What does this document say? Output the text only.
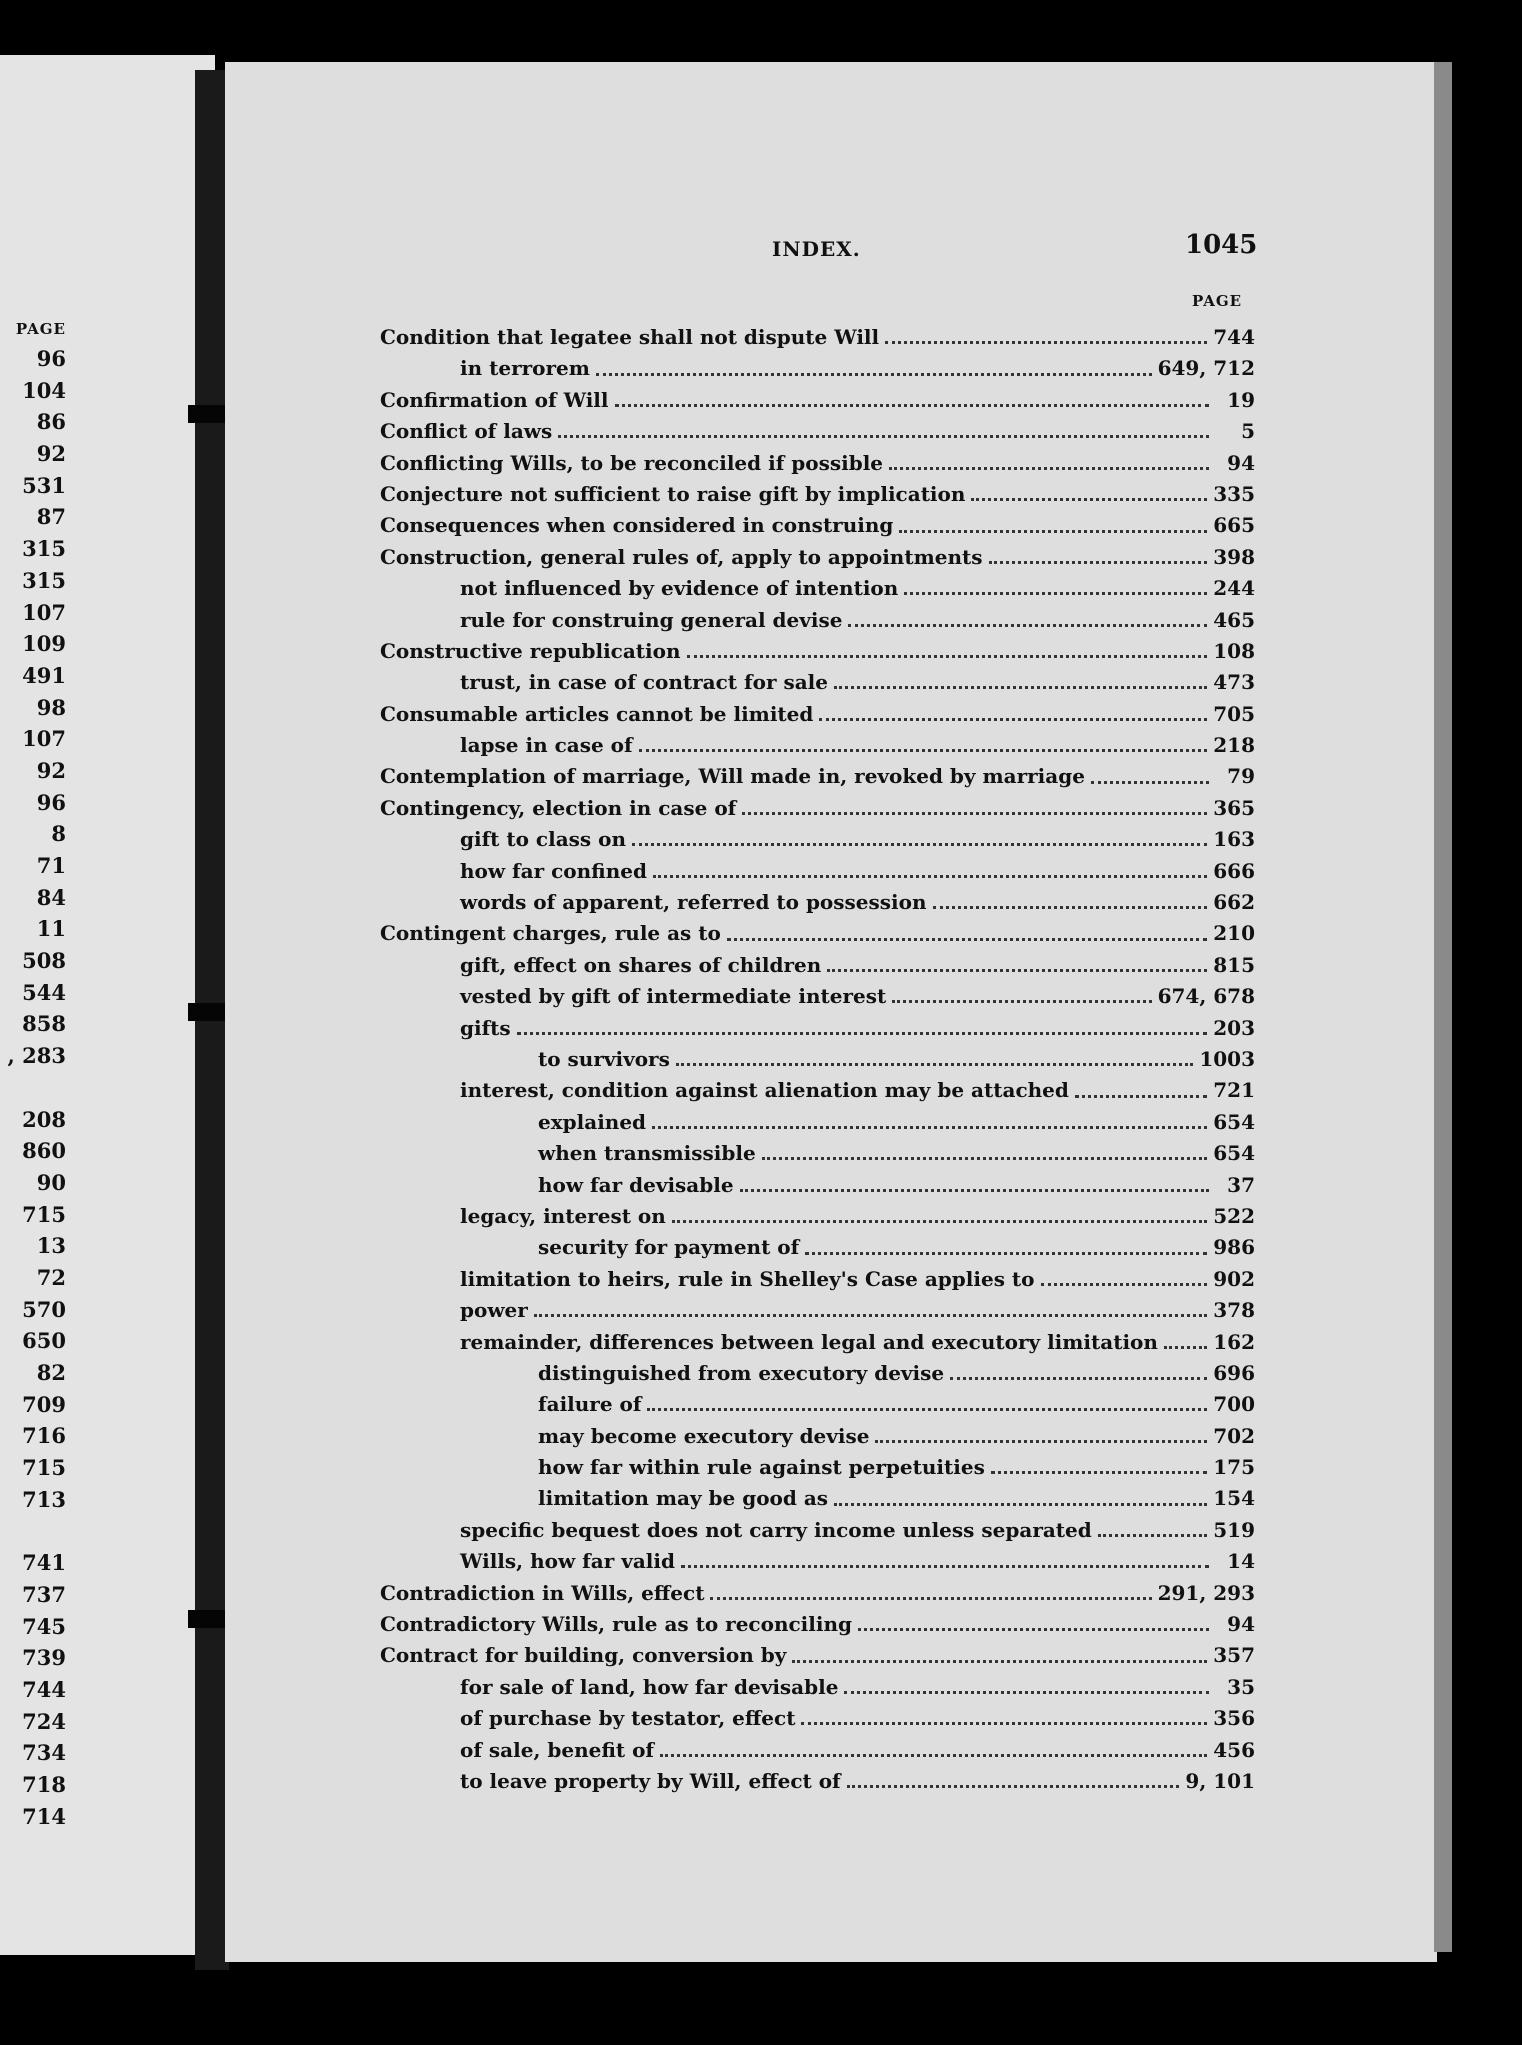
PAGE
96
104
86
92
531
87
315
315
107
109
491
98
107
92
96
8
71
84
11
508
544
858
, 283
208
860
90
715
13
72
570
650
82
709
716
715
713
741
737
745
739
744
724
734
718
714
INDEX.	1045
PAGE
Condition that legatee shall not dispute Will	744
in terrorem	649, 712
Confirmation of Will	19
Conflict of laws	5
Conflicting Wills, to be reconciled if possible	94
Conjecture not sufficient to raise gift by implication	335
Consequences when considered in construing	665
Construction, general rules of, apply to appointments	398
not influenced by evidence of intention	244
rule for construing general devise	465
Constructive republication	108
trust, in case of contract for sale	473
Consumable articles cannot be limited	705
lapse in case of	218
Contemplation of marriage, Will made in, revoked by marriage	79
Contingency, election in case of	365
gift to class on	163
how far confined	666
words of apparent, referred to possession	662
Contingent charges, rule as to	210
gift, effect on shares of children	815
vested by gift of intermediate interest	674, 678
gifts	203
to survivors	1003
interest, condition against alienation may be attached	721
explained	654
when transmissible	654
how far devisable	37
legacy, interest on	522
security for payment of	986
limitation to heirs, rule in Shelley's Case applies to	902
power	378
remainder, differences between legal and executory limitation	162
distinguished from executory devise	696
failure of	700
may become executory devise	702
how far within rule against perpetuities	175
limitation may be good as	154
specific bequest does not carry income unless separated	519
Wills, how far valid	14
Contradiction in Wills, effect	291, 293
Contradictory Wills, rule as to reconciling	94
Contract for building, conversion by	357
for sale of land, how far devisable	35
of purchase by testator, effect	356
of sale, benefit of	456
to leave property by Will, effect of	9, 101
